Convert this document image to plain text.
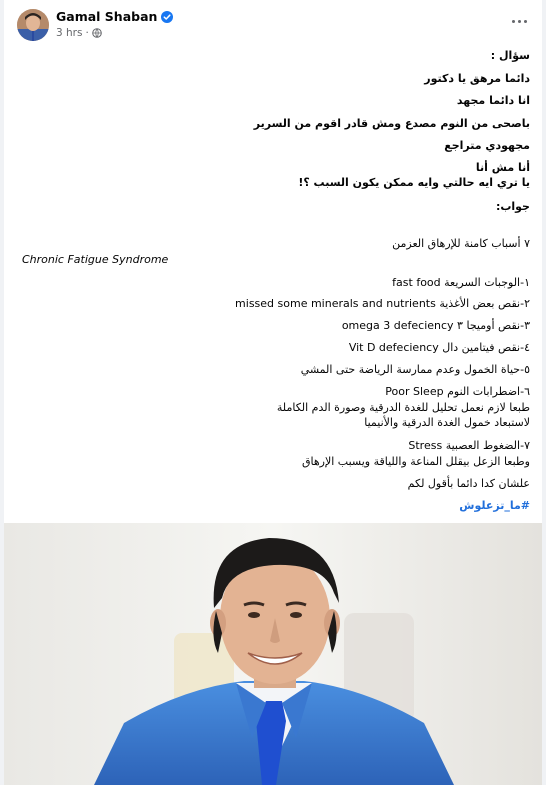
Gamal Shaban
3 hrs ·
سؤال :
دائما مرهق يا دكتور
انا دائما مجهد
باصحى من النوم مصدع ومش قادر اقوم من السرير
مجهودي متراجع
أنا مش أنا
يا تري ايه حالتي وايه ممكن يكون السبب ؟!
جواب:
٧ أسباب كامنة للإرهاق العزمن
Chronic Fatigue Syndrome
١-الوجبات السريعة fast food
٢-نقص بعض الأغذية missed some minerals and nutrients
٣-نقص أوميجا ٣ omega 3 defeciency
٤-نقص فيتامين دال Vit D defeciency
٥-حياة الخمول وعدم ممارسة الرياضة حتى المشي
٦-اضطرابات النوم Poor Sleep
طبعا لازم نعمل تحليل للغدة الدرقية وصورة الدم الكاملة
لاستبعاد خمول الغدة الدرقية والأنيميا
٧-الضغوط العصبية Stress
وطبعا الزعل بيقلل المناعة واللياقة ويسبب الإرهاق
علشان كدا دائما بأقول لكم
#ما_تزعلوش
